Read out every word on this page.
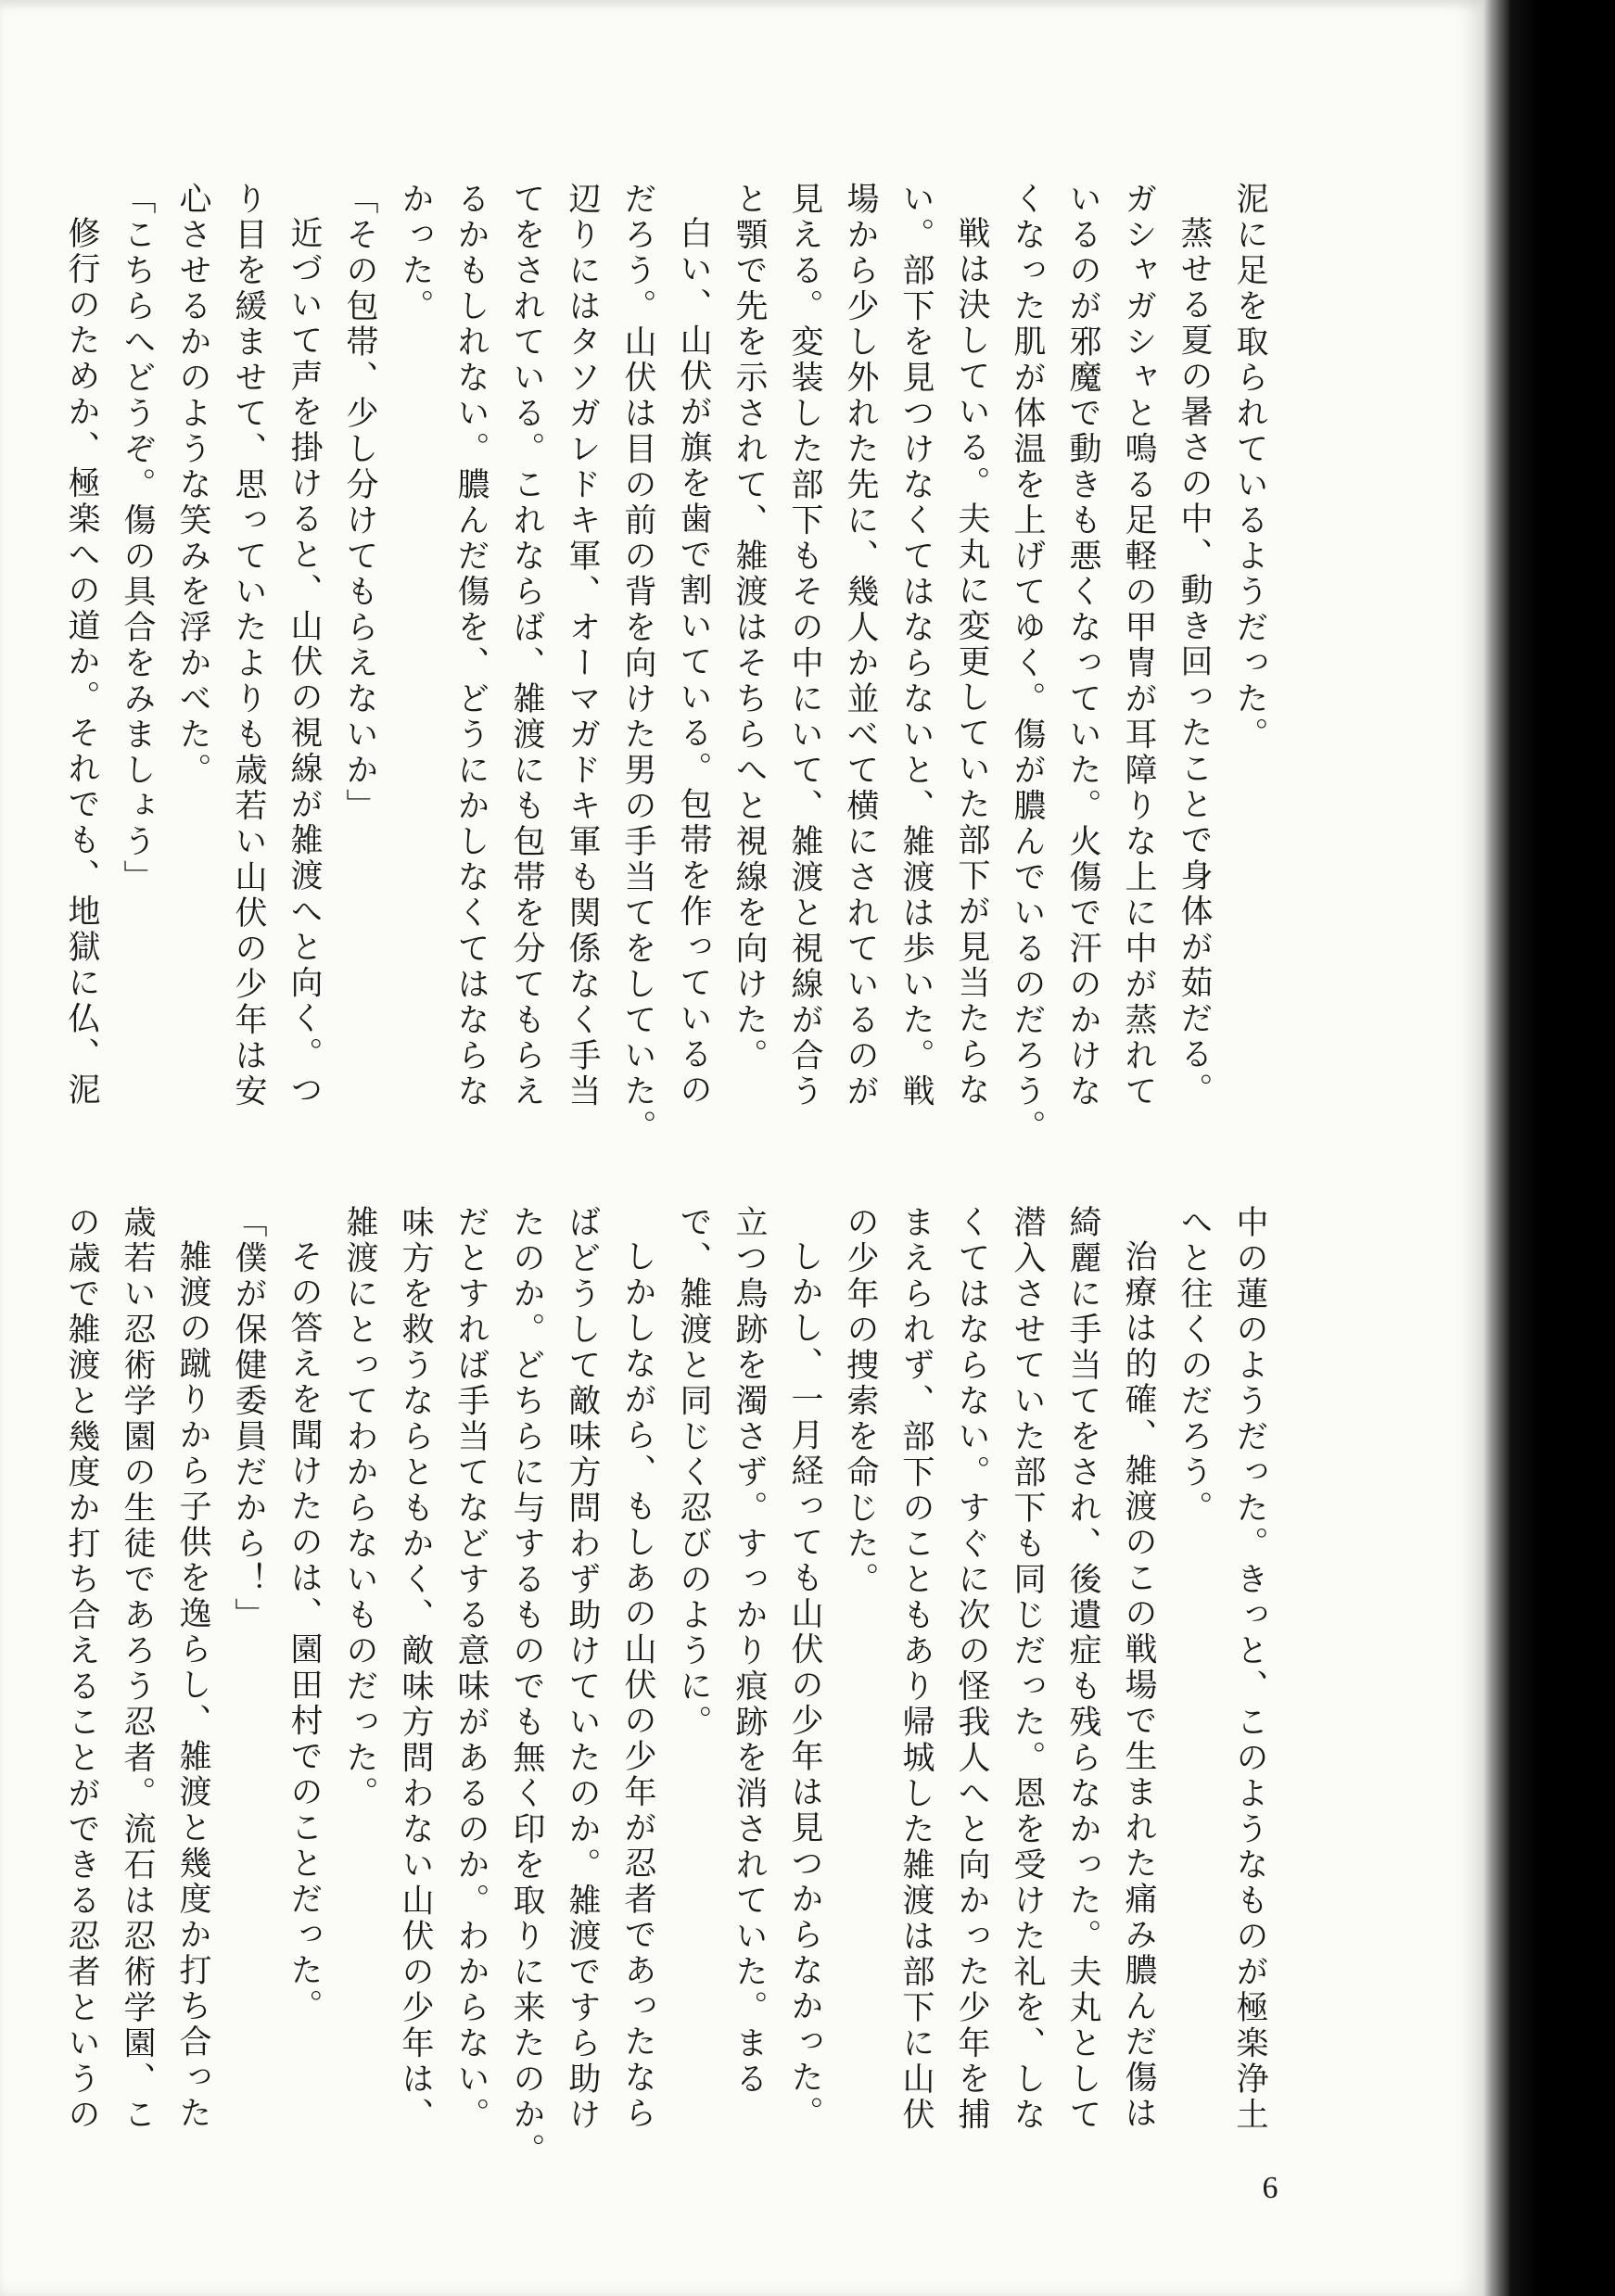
泥に足を取られているようだった。
蒸せる夏の暑さの中、動き回ったことで身体が茹だる。
ガシャガシャと鳴る足軽の甲冑が耳障りな上に中が蒸れて
いるのが邪魔で動きも悪くなっていた。火傷で汗のかけな
くなった肌が体温を上げてゆく。傷が膿んでいるのだろう。
戦は決している。夫丸に変更していた部下が見当たらな
い。部下を見つけなくてはならないと、雑渡は歩いた。戦
場から少し外れた先に、幾人か並べて横にされているのが
見える。変装した部下もその中にいて、雑渡と視線が合う
と顎で先を示されて、雑渡はそちらへと視線を向けた。
白い、山伏が旗を歯で割いている。包帯を作っているの
だろう。山伏は目の前の背を向けた男の手当てをしていた。
辺りにはタソガレドキ軍、オーマガドキ軍も関係なく手当
てをされている。これならば、雑渡にも包帯を分てもらえ
るかもしれない。膿んだ傷を、どうにかしなくてはならな
かった。
「その包帯、少し分けてもらえないか」
近づいて声を掛けると、山伏の視線が雑渡へと向く。つ
り目を緩ませて、思っていたよりも歳若い山伏の少年は安
心させるかのような笑みを浮かべた。
「こちらへどうぞ。傷の具合をみましょう」
修行のためか、極楽への道か。それでも、地獄に仏、泥
中の蓮のようだった。きっと、このようなものが極楽浄土
へと往くのだろう。
治療は的確、雑渡のこの戦場で生まれた痛み膿んだ傷は
綺麗に手当てをされ、後遺症も残らなかった。夫丸として
潜入させていた部下も同じだった。恩を受けた礼を、しな
くてはならない。すぐに次の怪我人へと向かった少年を捕
まえられず、部下のこともあり帰城した雑渡は部下に山伏
の少年の捜索を命じた。
しかし、一月経っても山伏の少年は見つからなかった。
立つ鳥跡を濁さず。すっかり痕跡を消されていた。まる
で、雑渡と同じく忍びのように。
しかしながら、もしあの山伏の少年が忍者であったなら
ばどうして敵味方問わず助けていたのか。雑渡ですら助け
たのか。どちらに与するものでも無く印を取りに来たのか。
だとすれば手当てなどする意味があるのか。わからない。
味方を救うならともかく、敵味方問わない山伏の少年は、
雑渡にとってわからないものだった。
その答えを聞けたのは、園田村でのことだった。
「僕が保健委員だから！」
雑渡の蹴りから子供を逸らし、雑渡と幾度か打ち合った
歳若い忍術学園の生徒であろう忍者。流石は忍術学園、こ
の歳で雑渡と幾度か打ち合えることができる忍者というの
6
